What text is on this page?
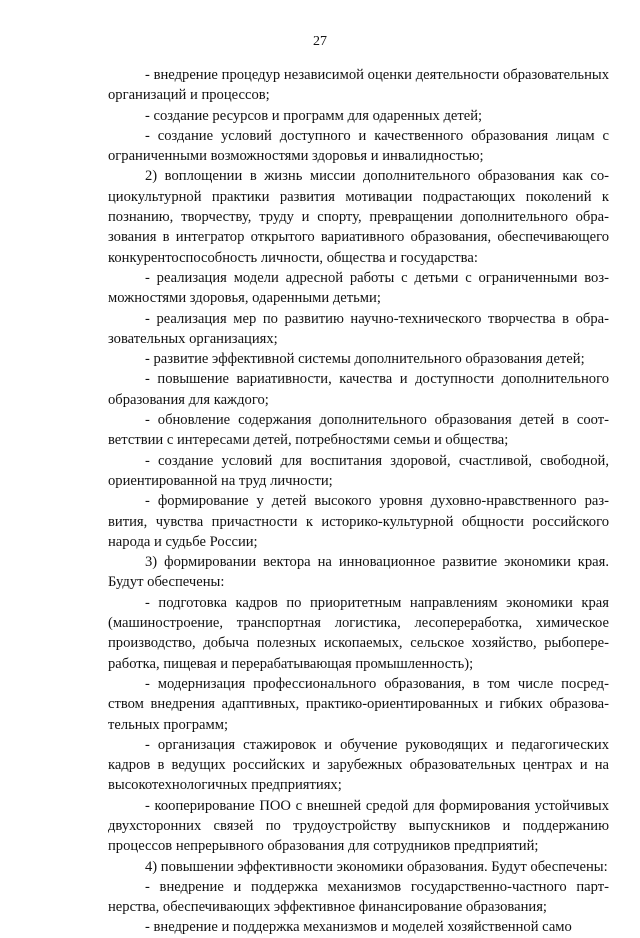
27

- внедрение процедур независимой оценки деятельности образовательных организаций и процессов;

- создание ресурсов и программ для одаренных детей;

- создание условий доступного и качественного образования лицам с ограниченными возможностями здоровья и инвалидностью;

2) воплощении в жизнь миссии дополнительного образования как социокультурной практики развития мотивации подрастающих поколений к познанию, творчеству, труду и спорту, превращении дополнительного образования в интегратор открытого вариативного образования, обеспечивающего конкурентоспособность личности, общества и государства:

- реализация модели адресной работы с детьми с ограниченными возможностями здоровья, одаренными детьми;

- реализация мер по развитию научно-технического творчества в образовательных организациях;

- развитие эффективной системы дополнительного образования детей;

- повышение вариативности, качества и доступности дополнительного образования для каждого;

- обновление содержания дополнительного образования детей в соответствии с интересами детей, потребностями семьи и общества;

- создание условий для воспитания здоровой, счастливой, свободной, ориентированной на труд личности;

- формирование у детей высокого уровня духовно-нравственного развития, чувства причастности к историко-культурной общности российского народа и судьбе России;

3) формировании вектора на инновационное развитие экономики края. Будут обеспечены:

- подготовка кадров по приоритетным направлениям экономики края (машиностроение, транспортная логистика, лесопереработка, химическое производство, добыча полезных ископаемых, сельское хозяйство, рыбопереработка, пищевая и перерабатывающая промышленность);

- модернизация профессионального образования, в том числе посредством внедрения адаптивных, практико-ориентированных и гибких образовательных программ;

- организация стажировок и обучение руководящих и педагогических кадров в ведущих российских и зарубежных образовательных центрах и на высокотехнологичных предприятиях;

- кооперирование ПОО с внешней средой для формирования устойчивых двухсторонних связей по трудоустройству выпускников и поддержанию процессов непрерывного образования для сотрудников предприятий;

4) повышении эффективности экономики образования. Будут обеспечены:

- внедрение и поддержка механизмов государственно-частного партнерства, обеспечивающих эффективное финансирование образования;

- внедрение и поддержка механизмов и моделей хозяйственной само
